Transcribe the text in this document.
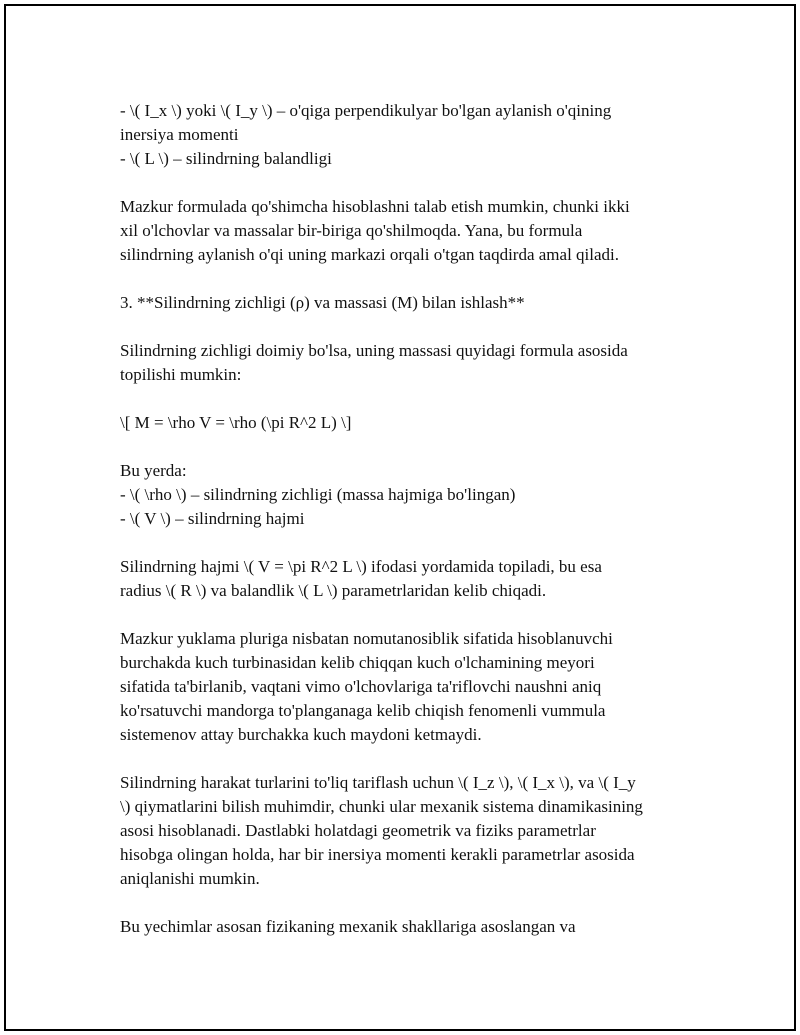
- \( I_x \) yoki \( I_y \) – o'qiga perpendikulyar bo'lgan aylanish o'qining
inersiya momenti
- \( L \) – silindrning balandligi
Mazkur formulada qo'shimcha hisoblashni talab etish mumkin, chunki ikki
xil o'lchovlar va massalar bir-biriga qo'shilmoqda. Yana, bu formula
silindrning aylanish o'qi uning markazi orqali o'tgan taqdirda amal qiladi.
3. **Silindrning zichligi (ρ) va massasi (M) bilan ishlash**
Silindrning zichligi doimiy bo'lsa, uning massasi quyidagi formula asosida
topilishi mumkin:
\[ M = \rho V = \rho (\pi R^2 L) \]
Bu yerda:
- \( \rho \) – silindrning zichligi (massa hajmiga bo'lingan)
- \( V \) – silindrning hajmi
Silindrning hajmi \( V = \pi R^2 L \) ifodasi yordamida topiladi, bu esa
radius \( R \) va balandlik \( L \) parametrlaridan kelib chiqadi.
Mazkur yuklama pluriga nisbatan nomutanosiblik sifatida hisoblanuvchi
burchakda kuch turbinasidan kelib chiqqan kuch o'lchamining meyori
sifatida ta'birlanib, vaqtani vimo o'lchovlariga ta'riflovchi naushni aniq
ko'rsatuvchi mandorga to'planganaga kelib chiqish fenomenli vummula
sistemenov attay burchakka kuch maydoni ketmaydi.
Silindrning harakat turlarini to'liq tariflash uchun \( I_z \), \( I_x \), va \( I_y
\) qiymatlarini bilish muhimdir, chunki ular mexanik sistema dinamikasining
asosi hisoblanadi. Dastlabki holatdagi geometrik va fiziks parametrlar
hisobga olingan holda, har bir inersiya momenti kerakli parametrlar asosida
aniqlanishi mumkin.
Bu yechimlar asosan fizikaning mexanik shakllariga asoslangan va
